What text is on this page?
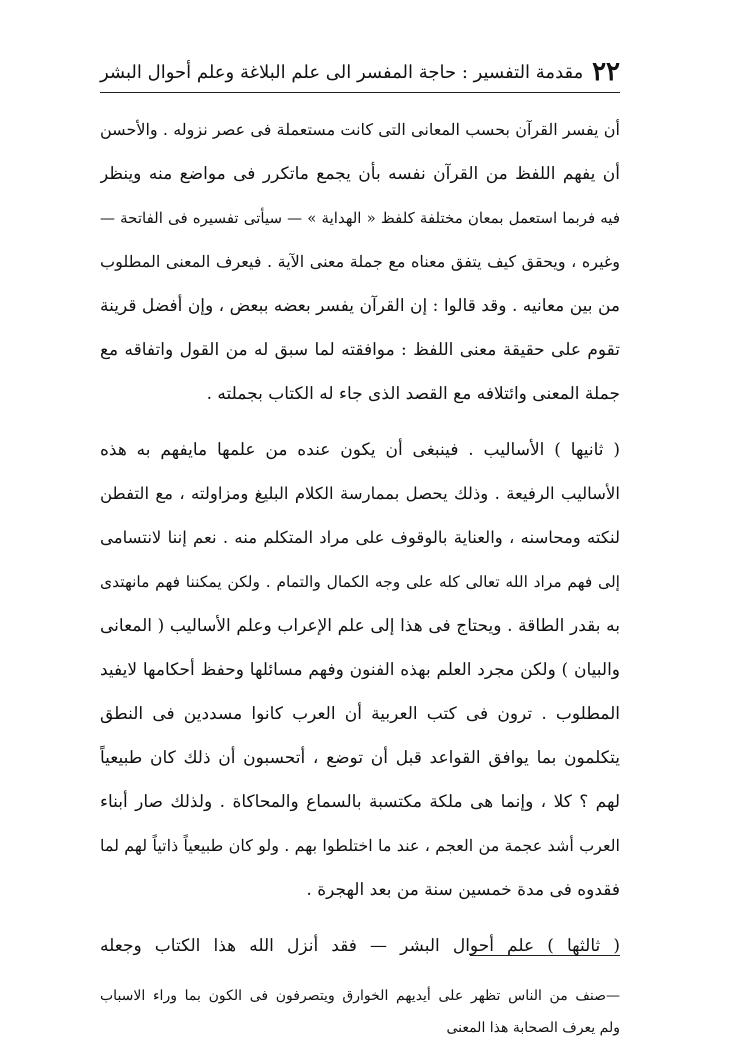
٢٢
مقدمة التفسير : حاجة المفسر الى علم البلاغة وعلم أحوال البشر
أن يفسر القرآن بحسب المعانى التى كانت مستعملة فى عصر نزوله . والأحسن
أن يفهم اللفظ من القرآن نفسه بأن يجمع ماتكرر فى مواضع منه وينظر
فيه فربما استعمل بمعان مختلفة كلفظ « الهداية » — سيأتى تفسيره فى الفاتحة —
وغيره ، ويحقق كيف يتفق معناه مع جملة معنى الآية . فيعرف المعنى المطلوب
من بين معانيه . وقد قالوا : إن القرآن يفسر بعضه ببعض ، وإن أفضل قرينة
تقوم على حقيقة معنى اللفظ : موافقته لما سبق له من القول واتفاقه مع
جملة المعنى وائتلافه مع القصد الذى جاء له الكتاب بجملته .
( ثانيها ) الأساليب . فينبغى أن يكون عنده من علمها مايفهم به هذه
الأساليب الرفيعة . وذلك يحصل بممارسة الكلام البليغ ومزاولته ، مع التفطن
لنكته ومحاسنه ، والعناية بالوقوف على مراد المتكلم منه . نعم إننا لانتسامى
إلى فهم مراد الله تعالى كله على وجه الكمال والتمام . ولكن يمكننا فهم مانهتدى
به بقدر الطاقة . ويحتاج فى هذا إلى علم الإعراب وعلم الأساليب ( المعانى
والبيان ) ولكن مجرد العلم بهذه الفنون وفهم مسائلها وحفظ أحكامها لايفيد
المطلوب . ترون فى كتب العربية أن العرب كانوا مسددين فى النطق
يتكلمون بما يوافق القواعد قبل أن توضع ، أتحسبون أن ذلك كان طبيعياً
لهم ؟ كلا ، وإنما هى ملكة مكتسبة بالسماع والمحاكاة . ولذلك صار أبناء
العرب أشد عجمة من العجم ، عند ما اختلطوا بهم . ولو كان طبيعياً ذاتياً لهم لما
فقدوه فى مدة خمسين سنة من بعد الهجرة .
( ثالثها ) علم أحوال البشر — فقد أنزل الله هذا الكتاب وجعله
—صنف من الناس تظهر على أيديهم الخوارق ويتصرفون فى الكون بما وراء الاسباب
ولم يعرف الصحابة هذا المعنى
